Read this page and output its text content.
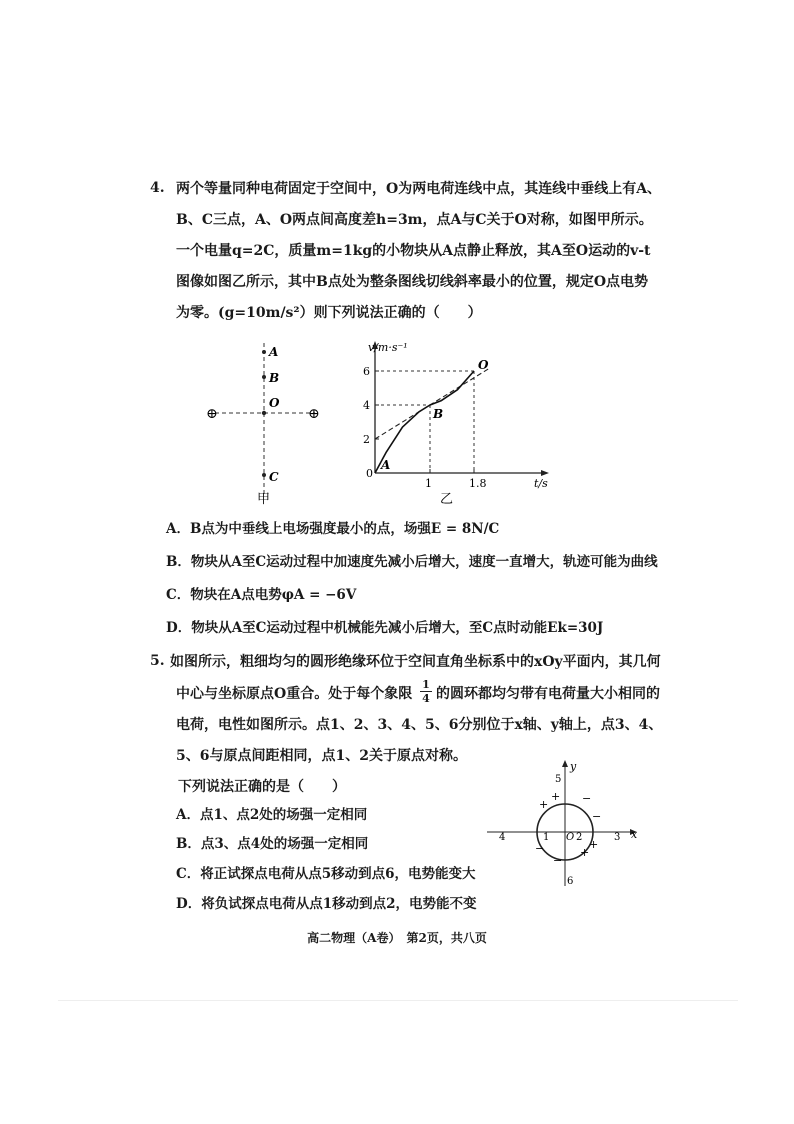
4. 两个等量同种电荷固定于空间中，O为两电荷连线中点，其连线中垂线上有A、
B、C三点，A、O两点间高度差h=3m，点A与C关于O对称，如图甲所示。
一个电量q=2C，质量m=1kg的小物块从A点静止释放，其A至O运动的v-t
图像如图乙所示，其中B点处为整条图线切线斜率最小的位置，规定O点电势
为零。(g=10m/s²）则下列说法正确的（　　）
A
B
O
C
⊕	⊕
甲
v/m·s⁻¹
t/s
0
乙
A
B
O
2
4
6
1	1.8
A．B点为中垂线上电场强度最小的点，场强E = 8N/C
B．物块从A至C运动过程中加速度先减小后增大，速度一直增大，轨迹可能为曲线
C．物块在A点电势φA = −6V
D．物块从A至C运动过程中机械能先减小后增大，至C点时动能Ek=30J
5. 如图所示，粗细均匀的圆形绝缘环位于空间直角坐标系中的xOy平面内，其几何
中心与坐标原点O重合。处于每个象限 $\frac{1}{4}$ 的圆环都均匀带有电荷量大小相同的
电荷，电性如图所示。点1、2、3、4、5、6分别位于x轴、y轴上，点3、4、
5、6与原点间距相同，点1、2关于原点对称。
下列说法正确的是（　　）
A．点1、点2处的场强一定相同
B．点3、点4处的场强一定相同
C．将正试探点电荷从点5移动到点6，电势能变大
D．将负试探点电荷从点1移动到点2，电势能不变
x
y
1	2	3
4
5
6
O
+
+ −
−
−	+
+
−
高二物理（A卷）　第2页，共八页
